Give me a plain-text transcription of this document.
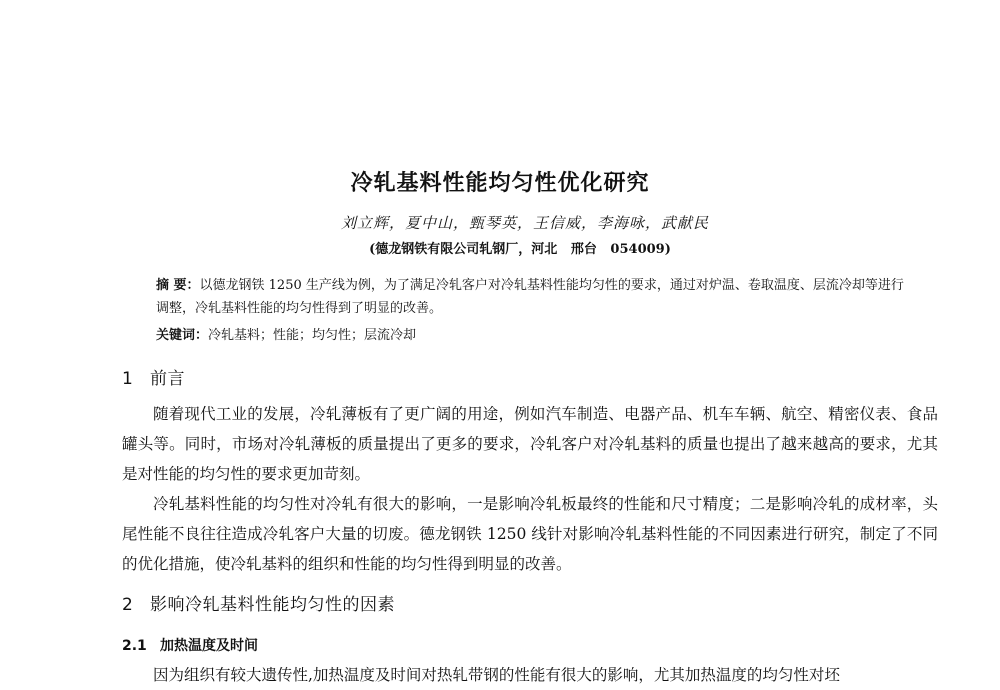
冷轧基料性能均匀性优化研究
刘立辉，夏中山，甄琴英，王信威，李海咏，武献民
(德龙钢铁有限公司轧钢厂，河北   邢台   054009)
摘 要：以德龙钢铁 1250 生产线为例，为了满足冷轧客户对冷轧基料性能均匀性的要求，通过对炉温、卷取温度、层流冷却等进行调整，冷轧基料性能的均匀性得到了明显的改善。
关键词：冷轧基料；性能；均匀性；层流冷却
1 前言
随着现代工业的发展，冷轧薄板有了更广阔的用途，例如汽车制造、电器产品、机车车辆、航空、精密仪表、食品罐头等。同时，市场对冷轧薄板的质量提出了更多的要求，冷轧客户对冷轧基料的质量也提出了越来越高的要求，尤其是对性能的均匀性的要求更加苛刻。
冷轧基料性能的均匀性对冷轧有很大的影响，一是影响冷轧板最终的性能和尺寸精度；二是影响冷轧的成材率，头尾性能不良往往造成冷轧客户大量的切废。德龙钢铁 1250 线针对影响冷轧基料性能的不同因素进行研究，制定了不同的优化措施，使冷轧基料的组织和性能的均匀性得到明显的改善。
2 影响冷轧基料性能均匀性的因素
2.1 加热温度及时间
因为组织有较大遗传性,加热温度及时间对热轧带钢的性能有很大的影响，尤其加热温度的均匀性对坯
